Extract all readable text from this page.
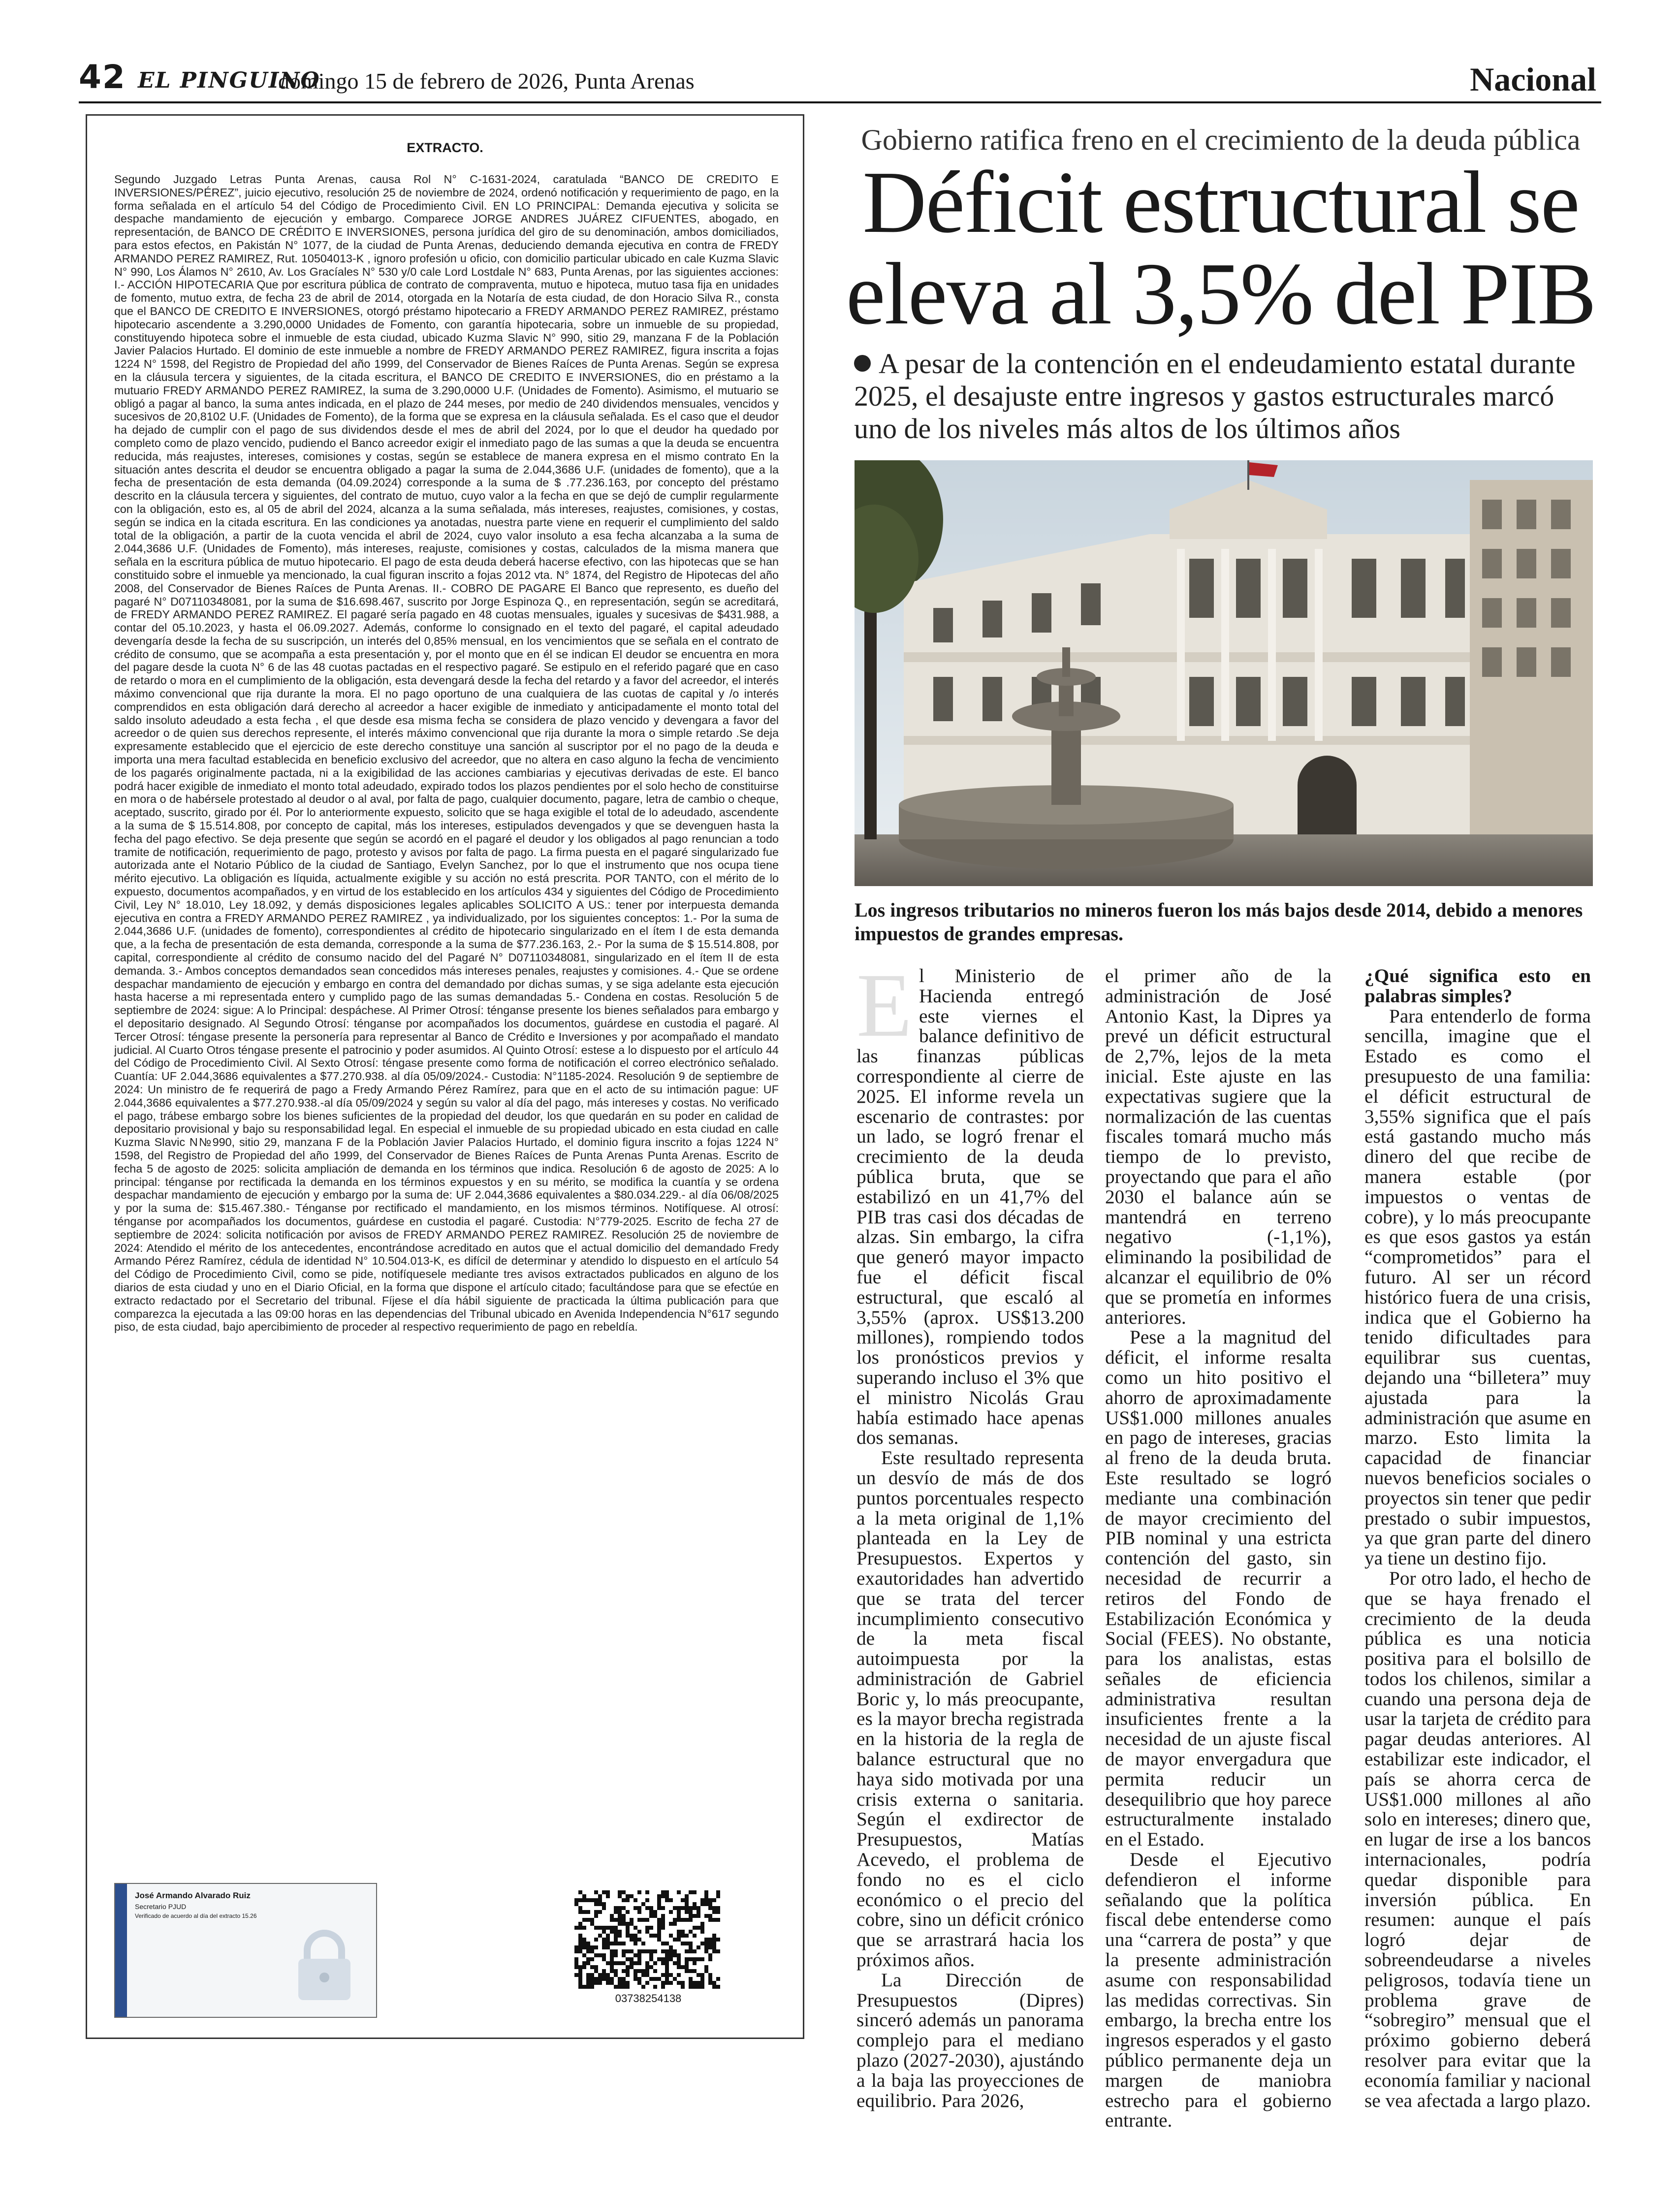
42 EL PINGUINO
domingo 15 de febrero de 2026, Punta Arenas	Nacional
EXTRACTO.
Segundo Juzgado Letras Punta Arenas, causa Rol N° C-1631-2024, caratulada “BANCO DE CREDITO E INVERSIONES/PÉREZ”, juicio ejecutivo, resolución 25 de noviembre de 2024, ordenó notificación y requerimiento de pago, en la forma señalada en el artículo 54 del Código de Procedimiento Civil. EN LO PRINCIPAL: Demanda ejecutiva y solicita se despache mandamiento de ejecución y embargo. Comparece JORGE ANDRES JUÁREZ CIFUENTES, abogado, en representación, de BANCO DE CRÉDITO E INVERSIONES, persona jurídica del giro de su denominación, ambos domiciliados, para estos efectos, en Pakistán N° 1077, de la ciudad de Punta Arenas, deduciendo demanda ejecutiva en contra de FREDY ARMANDO PEREZ RAMIREZ, Rut. 10504013-K , ignoro profesión u oficio, con domicilio particular ubicado en cale Kuzma Slavic N° 990, Los Álamos N° 2610, Av. Los Gracíales N° 530 y/0 cale Lord Lostdale N° 683, Punta Arenas, por las siguientes acciones: I.- ACCIÓN HIPOTECARIA Que por escritura pública de contrato de compraventa, mutuo e hipoteca, mutuo tasa fija en unidades de fomento, mutuo extra, de fecha 23 de abril de 2014, otorgada en la Notaría de esta ciudad, de don Horacio Silva R., consta que el BANCO DE CREDITO E INVERSIONES, otorgó préstamo hipotecario a FREDY ARMANDO PEREZ RAMIREZ, préstamo hipotecario ascendente a 3.290,0000 Unidades de Fomento, con garantía hipotecaria, sobre un inmueble de su propiedad, constituyendo hipoteca sobre el inmueble de esta ciudad, ubicado Kuzma Slavic N° 990, sitio 29, manzana F de la Población Javier Palacios Hurtado. El dominio de este inmueble a nombre de FREDY ARMANDO PEREZ RAMIREZ, figura inscrita a fojas 1224 N° 1598, del Registro de Propiedad del año 1999, del Conservador de Bienes Raíces de Punta Arenas. Según se expresa en la cláusula tercera y siguientes, de la citada escritura, el BANCO DE CREDITO E INVERSIONES, dio en préstamo a la mutuario FREDY ARMANDO PEREZ RAMIREZ, la suma de 3.290,0000 U.F. (Unidades de Fomento). Asimismo, el mutuario se obligó a pagar al banco, la suma antes indicada, en el plazo de 244 meses, por medio de 240 dividendos mensuales, vencidos y sucesivos de 20,8102 U.F. (Unidades de Fomento), de la forma que se expresa en la cláusula señalada. Es el caso que el deudor ha dejado de cumplir con el pago de sus dividendos desde el mes de abril del 2024, por lo que el deudor ha quedado por completo como de plazo vencido, pudiendo el Banco acreedor exigir el inmediato pago de las sumas a que la deuda se encuentra reducida, más reajustes, intereses, comisiones y costas, según se establece de manera expresa en el mismo contrato En la situación antes descrita el deudor se encuentra obligado a pagar la suma de 2.044,3686 U.F. (unidades de fomento), que a la fecha de presentación de esta demanda (04.09.2024) corresponde a la suma de $ .77.236.163, por concepto del préstamo descrito en la cláusula tercera y siguientes, del contrato de mutuo, cuyo valor a la fecha en que se dejó de cumplir regularmente con la obligación, esto es, al 05 de abril del 2024, alcanza a la suma señalada, más intereses, reajustes, comisiones, y costas, según se indica en la citada escritura. En las condiciones ya anotadas, nuestra parte viene en requerir el cumplimiento del saldo total de la obligación, a partir de la cuota vencida el abril de 2024, cuyo valor insoluto a esa fecha alcanzaba a la suma de 2.044,3686 U.F. (Unidades de Fomento), más intereses, reajuste, comisiones y costas, calculados de la misma manera que señala en la escritura pública de mutuo hipotecario. El pago de esta deuda deberá hacerse efectivo, con las hipotecas que se han constituido sobre el inmueble ya mencionado, la cual figuran inscrito a fojas 2012 vta. N° 1874, del Registro de Hipotecas del año 2008, del Conservador de Bienes Raíces de Punta Arenas. II.- COBRO DE PAGARE El Banco que represento, es dueño del pagaré N° D07110348081, por la suma de $16.698.467, suscrito por Jorge Espinoza Q., en representación, según se acreditará, de FREDY ARMANDO PEREZ RAMIREZ. El pagaré sería pagado en 48 cuotas mensuales, iguales y sucesivas de $431.988, a contar del 05.10.2023, y hasta el 06.09.2027. Además, conforme lo consignado en el texto del pagaré, el capital adeudado devengaría desde la fecha de su suscripción, un interés del 0,85% mensual, en los vencimientos que se señala en el contrato de crédito de consumo, que se acompaña a esta presentación y, por el monto que en él se indican El deudor se encuentra en mora del pagare desde la cuota N° 6 de las 48 cuotas pactadas en el respectivo pagaré. Se estipulo en el referido pagaré que en caso de retardo o mora en el cumplimiento de la obligación, esta devengará desde la fecha del retardo y a favor del acreedor, el interés máximo convencional que rija durante la mora. El no pago oportuno de una cualquiera de las cuotas de capital y /o interés comprendidos en esta obligación dará derecho al acreedor a hacer exigible de inmediato y anticipadamente el monto total del saldo insoluto adeudado a esta fecha , el que desde esa misma fecha se considera de plazo vencido y devengara a favor del acreedor o de quien sus derechos represente, el interés máximo convencional que rija durante la mora o simple retardo .Se deja expresamente establecido que el ejercicio de este derecho constituye una sanción al suscriptor por el no pago de la deuda e importa una mera facultad establecida en beneficio exclusivo del acreedor, que no altera en caso alguno la fecha de vencimiento de los pagarés originalmente pactada, ni a la exigibilidad de las acciones cambiarias y ejecutivas derivadas de este. El banco podrá hacer exigible de inmediato el monto total adeudado, expirado todos los plazos pendientes por el solo hecho de constituirse en mora o de habérsele protestado al deudor o al aval, por falta de pago, cualquier documento, pagare, letra de cambio o cheque, aceptado, suscrito, girado por él. Por lo anteriormente expuesto, solicito que se haga exigible el total de lo adeudado, ascendente a la suma de $ 15.514.808, por concepto de capital, más los intereses, estipulados devengados y que se devenguen hasta la fecha del pago efectivo. Se deja presente que según se acordó en el pagaré el deudor y los obligados al pago renuncian a todo tramite de notificación, requerimiento de pago, protesto y avisos por falta de pago. La firma puesta en el pagaré singularizado fue autorizada ante el Notario Público de la ciudad de Santiago, Evelyn Sanchez, por lo que el instrumento que nos ocupa tiene mérito ejecutivo. La obligación es líquida, actualmente exigible y su acción no está prescrita. POR TANTO, con el mérito de lo expuesto, documentos acompañados, y en virtud de los establecido en los artículos 434 y siguientes del Código de Procedimiento Civil, Ley N° 18.010, Ley 18.092, y demás disposiciones legales aplicables SOLICITO A US.: tener por interpuesta demanda ejecutiva en contra a FREDY ARMANDO PEREZ RAMIREZ , ya individualizado, por los siguientes conceptos: 1.- Por la suma de 2.044,3686 U.F. (unidades de fomento), correspondientes al crédito de hipotecario singularizado en el ítem I de esta demanda que, a la fecha de presentación de esta demanda, corresponde a la suma de $77.236.163, 2.- Por la suma de $ 15.514.808, por capital, correspondiente al crédito de consumo nacido del del Pagaré N° D07110348081, singularizado en el ítem II de esta demanda. 3.- Ambos conceptos demandados sean concedidos más intereses penales, reajustes y comisiones. 4.- Que se ordene despachar mandamiento de ejecución y embargo en contra del demandado por dichas sumas, y se siga adelante esta ejecución hasta hacerse a mi representada entero y cumplido pago de las sumas demandadas 5.- Condena en costas. Resolución 5 de septiembre de 2024: sigue: A lo Principal: despáchese. Al Primer Otrosí: ténganse presente los bienes señalados para embargo y el depositario designado. Al Segundo Otrosí: ténganse por acompañados los documentos, guárdese en custodia el pagaré. Al Tercer Otrosí: téngase presente la personería para representar al Banco de Crédito e Inversiones y por acompañado el mandato judicial. Al Cuarto Otros téngase presente el patrocinio y poder asumidos. Al Quinto Otrosí: estese a lo dispuesto por el artículo 44 del Código de Procedimiento Civil. Al Sexto Otrosí: téngase presente como forma de notificación el correo electrónico señalado. Cuantía: UF 2.044,3686 equivalentes a $77.270.938. al día 05/09/2024.- Custodia: N°1185-2024. Resolución 9 de septiembre de 2024: Un ministro de fe requerirá de pago a Fredy Armando Pérez Ramírez, para que en el acto de su intimación pague: UF 2.044,3686 equivalentes a $77.270.938.-al día 05/09/2024 y según su valor al día del pago, más intereses y costas. No verificado el pago, trábese embargo sobre los bienes suficientes de la propiedad del deudor, los que quedarán en su poder en calidad de depositario provisional y bajo su responsabilidad legal. En especial el inmueble de su propiedad ubicado en esta ciudad en calle Kuzma Slavic N№990, sitio 29, manzana F de la Población Javier Palacios Hurtado, el dominio figura inscrito a fojas 1224 N° 1598, del Registro de Propiedad del año 1999, del Conservador de Bienes Raíces de Punta Arenas Punta Arenas. Escrito de fecha 5 de agosto de 2025: solicita ampliación de demanda en los términos que indica. Resolución 6 de agosto de 2025: A lo principal: ténganse por rectificada la demanda en los términos expuestos y en su mérito, se modifica la cuantía y se ordena despachar mandamiento de ejecución y embargo por la suma de: UF 2.044,3686 equivalentes a $80.034.229.- al día 06/08/2025 y por la suma de: $15.467.380.- Ténganse por rectificado el mandamiento, en los mismos términos. Notifíquese. Al otrosí: ténganse por acompañados los documentos, guárdese en custodia el pagaré. Custodia: N°779-2025. Escrito de fecha 27 de septiembre de 2024: solicita notificación por avisos de FREDY ARMANDO PEREZ RAMIREZ. Resolución 25 de noviembre de 2024: Atendido el mérito de los antecedentes, encontrándose acreditado en autos que el actual domicilio del demandado Fredy Armando Pérez Ramírez, cédula de identidad N° 10.504.013-K, es difícil de determinar y atendido lo dispuesto en el artículo 54 del Código de Procedimiento Civil, como se pide, notifíquesele mediante tres avisos extractados publicados en alguno de los diarios de esta ciudad y uno en el Diario Oficial, en la forma que dispone el artículo citado; facultándose para que se efectúe en extracto redactado por el Secretario del tribunal. Fíjese el día hábil siguiente de practicada la última publicación para que comparezca la ejecutada a las 09:00 horas en las dependencias del Tribunal ubicado en Avenida Independencia N°617 segundo piso, de esta ciudad, bajo apercibimiento de proceder al respectivo requerimiento de pago en rebeldía.
José Armando Alvarado Ruiz
Secretario PJUD
Verificado de acuerdo al día del extracto 15.26
03738254138
Gobierno ratifica freno en el crecimiento de la deuda pública
Déficit estructural se eleva al 3,5% del PIB
A pesar de la contención en el endeudamiento estatal durante 2025, el desajuste entre ingresos y gastos estructurales marcó uno de los niveles más altos de los últimos años
Los ingresos tributarios no mineros fueron los más bajos desde 2014, debido a menores impuestos de grandes empresas.
E l Ministerio de Hacienda entregó este viernes el balance definitivo de las finanzas públicas correspondiente al cierre de 2025. El informe revela un escenario de contrastes: por un lado, se logró frenar el crecimiento de la deuda pública bruta, que se estabilizó en un 41,7% del PIB tras casi dos décadas de alzas. Sin embargo, la cifra que generó mayor impacto fue el déficit fiscal estructural, que escaló al 3,55% (aprox. US$13.200 millones), rompiendo todos los pronósticos previos y superando incluso el 3% que el ministro Nicolás Grau había estimado hace apenas dos semanas.

Este resultado representa un desvío de más de dos puntos porcentuales respecto a la meta original de 1,1% planteada en la Ley de Presupuestos. Expertos y exautoridades han advertido que se trata del tercer incumplimiento consecutivo de la meta fiscal autoimpuesta por la administración de Gabriel Boric y, lo más preocupante, es la mayor brecha registrada en la historia de la regla de balance estructural que no haya sido motivada por una crisis externa o sanitaria. Según el exdirector de Presupuestos, Matías Acevedo, el problema de fondo no es el ciclo económico o el precio del cobre, sino un déficit crónico que se arrastrará hacia los próximos años.

La Dirección de Presupuestos (Dipres) sinceró además un panorama complejo para el mediano plazo (2027-2030), ajustándo a la baja las proyecciones de equilibrio. Para 2026,

el primer año de la administración de José Antonio Kast, la Dipres ya prevé un déficit estructural de 2,7%, lejos de la meta inicial. Este ajuste en las expectativas sugiere que la normalización de las cuentas fiscales tomará mucho más tiempo de lo previsto, proyectando que para el año 2030 el balance aún se mantendrá en terreno negativo (-1,1%), eliminando la posibilidad de alcanzar el equilibrio de 0% que se prometía en informes anteriores.

Pese a la magnitud del déficit, el informe resalta como un hito positivo el ahorro de aproximadamente US$1.000 millones anuales en pago de intereses, gracias al freno de la deuda bruta. Este resultado se logró mediante una combinación de mayor crecimiento del PIB nominal y una estricta contención del gasto, sin necesidad de recurrir a retiros del Fondo de Estabilización Económica y Social (FEES). No obstante, para los analistas, estas señales de eficiencia administrativa resultan insuficientes frente a la necesidad de un ajuste fiscal de mayor envergadura que permita reducir un desequilibrio que hoy parece estructuralmente instalado en el Estado.

Desde el Ejecutivo defendieron el informe señalando que la política fiscal debe entenderse como una “carrera de posta” y que la presente administración asume con responsabilidad las medidas correctivas. Sin embargo, la brecha entre los ingresos esperados y el gasto público permanente deja un margen de maniobra estrecho para el gobierno entrante.

¿Qué significa esto en palabras simples?

Para entenderlo de forma sencilla, imagine que el Estado es como el presupuesto de una familia: el déficit estructural de 3,55% significa que el país está gastando mucho más dinero del que recibe de manera estable (por impuestos o ventas de cobre), y lo más preocupante es que esos gastos ya están “comprometidos” para el futuro. Al ser un récord histórico fuera de una crisis, indica que el Gobierno ha tenido dificultades para equilibrar sus cuentas, dejando una “billetera” muy ajustada para la administración que asume en marzo. Esto limita la capacidad de financiar nuevos beneficios sociales o proyectos sin tener que pedir prestado o subir impuestos, ya que gran parte del dinero ya tiene un destino fijo.

Por otro lado, el hecho de que se haya frenado el crecimiento de la deuda pública es una noticia positiva para el bolsillo de todos los chilenos, similar a cuando una persona deja de usar la tarjeta de crédito para pagar deudas anteriores. Al estabilizar este indicador, el país se ahorra cerca de US$1.000 millones al año solo en intereses; dinero que, en lugar de irse a los bancos internacionales, podría quedar disponible para inversión pública. En resumen: aunque el país logró dejar de sobreendeudarse a niveles peligrosos, todavía tiene un problema grave de “sobregiro” mensual que el próximo gobierno deberá resolver para evitar que la economía familiar y nacional se vea afectada a largo plazo.
